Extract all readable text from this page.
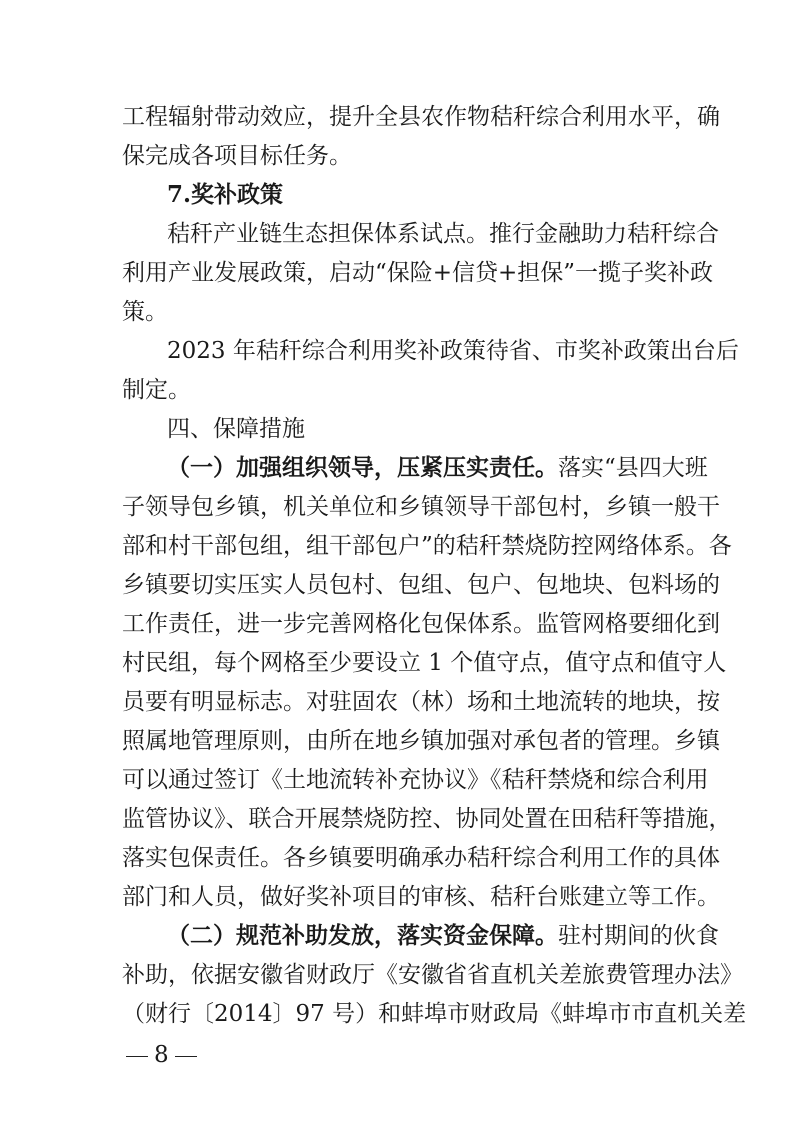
工程辐射带动效应，提升全县农作物秸秆综合利用水平，确
保完成各项目标任务。
7.奖补政策
秸秆产业链生态担保体系试点。推行金融助力秸秆综合
利用产业发展政策，启动“保险+信贷+担保”一揽子奖补政
策。
2023 年秸秆综合利用奖补政策待省、市奖补政策出台后
制定。
四、保障措施
（一）加强组织领导，压紧压实责任。落实“县四大班
子领导包乡镇，机关单位和乡镇领导干部包村，乡镇一般干
部和村干部包组，组干部包户”的秸秆禁烧防控网络体系。各
乡镇要切实压实人员包村、包组、包户、包地块、包料场的
工作责任，进一步完善网格化包保体系。监管网格要细化到
村民组，每个网格至少要设立 1 个值守点，值守点和值守人
员要有明显标志。对驻固农（林）场和土地流转的地块，按
照属地管理原则，由所在地乡镇加强对承包者的管理。乡镇
可以通过签订《土地流转补充协议》《秸秆禁烧和综合利用
监管协议》、联合开展禁烧防控、协同处置在田秸秆等措施，
落实包保责任。各乡镇要明确承办秸秆综合利用工作的具体
部门和人员，做好奖补项目的审核、秸秆台账建立等工作。
（二）规范补助发放，落实资金保障。驻村期间的伙食
补助，依据安徽省财政厅《安徽省省直机关差旅费管理办法》
（财行〔2014〕97 号）和蚌埠市财政局《蚌埠市市直机关差
8
